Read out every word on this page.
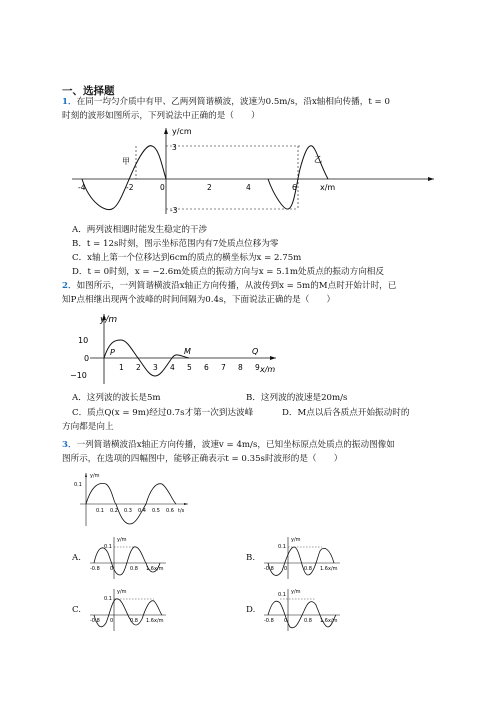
一、选择题
1．在同一均匀介质中有甲、乙两列简谐横波，波速为0.5m/s，沿x轴相向传播，t = 0
时刻的波形如图所示，下列说法中正确的是（　　）
y/cm
x/m
甲	乙
3
-3
-4	-2	0	2	4	6
A．两列波相遇时能发生稳定的干涉
B．t = 12s时刻，图示坐标范围内有7处质点位移为零
C．x轴上第一个位移达到6cm的质点的横坐标为x = 2.75m
D．t = 0时刻，x = −2.6m处质点的振动方向与x = 5.1m处质点的振动方向相反
2．如图所示，一列简谐横波沿x轴正方向传播，从波传到x = 5m的M点时开始计时，已
知P点相继出现两个波峰的时间间隔为0.4s，下面说法正确的是（　　）
y/m
x/m
10
0
−10
P	M	Q
1 2 3 4 5 6 7 8 9
A．这列波的波长是5m	B．这列波的波速是20m/s
C．质点Q(x = 9m)经过0.7s才第一次到达波峰	D．M点以后各质点开始振动时的
方向都是向上
3．一列简谐横波沿x轴正方向传播，波速v = 4m/s，已知坐标原点处质点的振动图像如
图所示，在选项的四幅图中，能够正确表示t = 0.35s时波形的是（　　）
y/m
0.1
t/s
0.1 0.2 0.3 0.4 0.5 0.6
A.
y/m
0.1
-0.8 0	0.8 1.6 x/m
B.
y/m
0.1
-0.8 0	0.8 1.6 x/m
C.
y/m
0.1
-0.8 0	0.8 1.6 x/m
D.
y/m
0.1
-0.8 0	0.8 1.6 x/m
